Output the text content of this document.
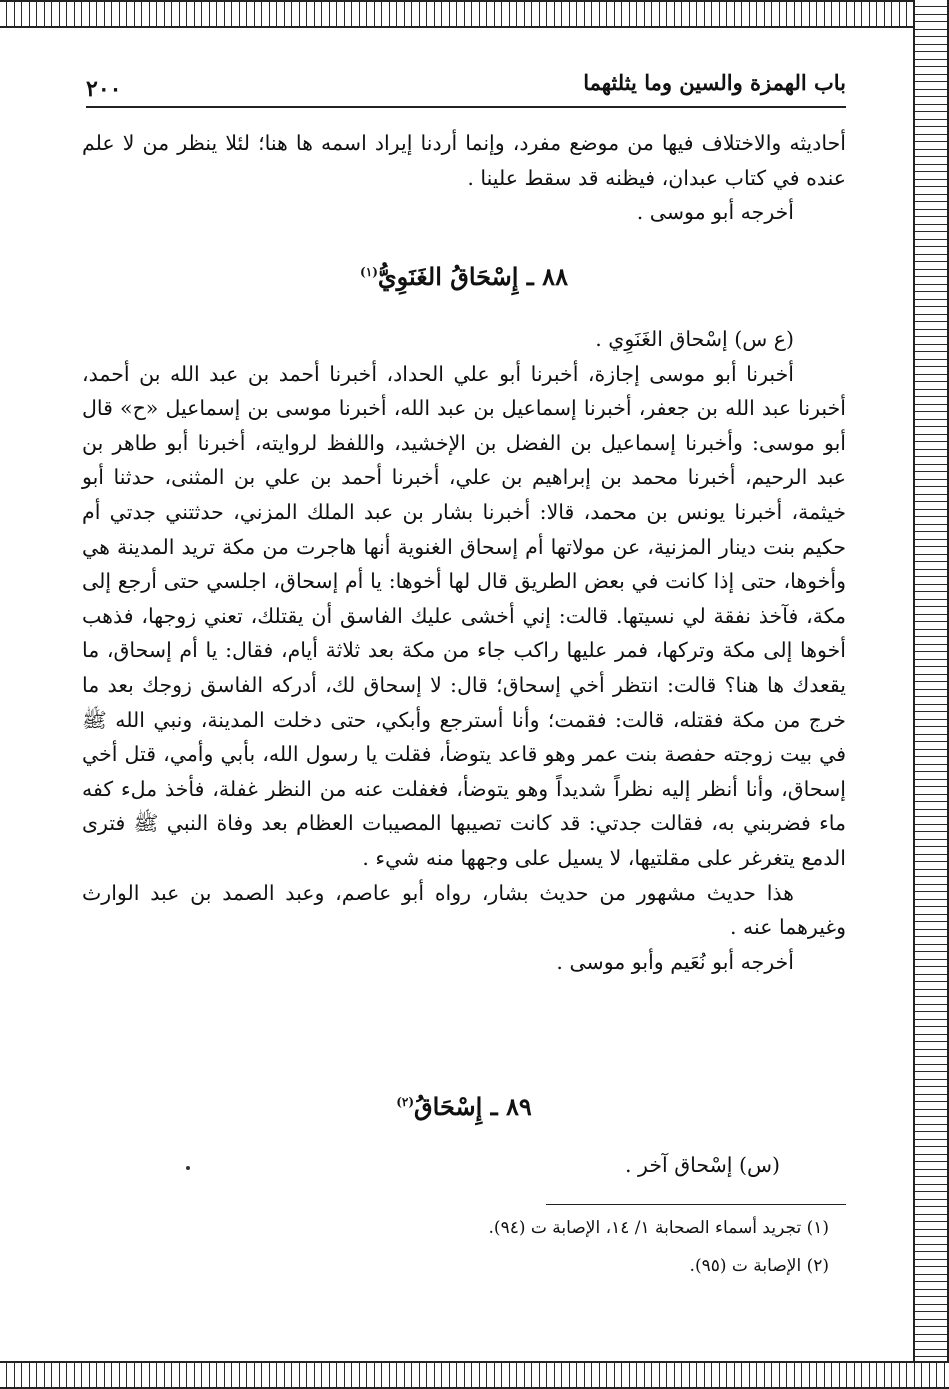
باب الهمزة والسين وما يثلثهما
٢٠٠

أحاديثه والاختلاف فيها من موضع مفرد، وإنما أردنا إيراد اسمه ها هنا؛ لئلا ينظر من لا علم عنده في كتاب عبدان، فيظنه قد سقط علينا .

أخرجه أبو موسى .

٨٨ ـ إِسْحَاقُ الغَنَوِيُّ$^{(١)}$

(ع س) إسْحاق الغَنَوِي .

أخبرنا أبو موسى إجازة، أخبرنا أبو علي الحداد، أخبرنا أحمد بن عبد الله بن أحمد، أخبرنا عبد الله بن جعفر، أخبرنا إسماعيل بن عبد الله، أخبرنا موسى بن إسماعيل «ح» قال أبو موسى: وأخبرنا إسماعيل بن الفضل بن الإخشيد، واللفظ لروايته، أخبرنا أبو طاهر بن عبد الرحيم، أخبرنا محمد بن إبراهيم بن علي، أخبرنا أحمد بن علي بن المثنى، حدثنا أبو خيثمة، أخبرنا يونس بن محمد، قالا: أخبرنا بشار بن عبد الملك المزني، حدثتني جدتي أم حكيم بنت دينار المزنية، عن مولاتها أم إسحاق الغنوية أنها هاجرت من مكة تريد المدينة هي وأخوها، حتى إذا كانت في بعض الطريق قال لها أخوها: يا أم إسحاق، اجلسي حتى أرجع إلى مكة، فآخذ نفقة لي نسيتها. قالت: إني أخشى عليك الفاسق أن يقتلك، تعني زوجها، فذهب أخوها إلى مكة وتركها، فمر عليها راكب جاء من مكة بعد ثلاثة أيام، فقال: يا أم إسحاق، ما يقعدك ها هنا؟ قالت: انتظر أخي إسحاق؛ قال: لا إسحاق لك، أدركه الفاسق زوجك بعد ما خرج من مكة فقتله، قالت: فقمت؛ وأنا أسترجع وأبكي، حتى دخلت المدينة، ونبي الله ﷺ في بيت زوجته حفصة بنت عمر وهو قاعد يتوضأ، فقلت يا رسول الله، بأبي وأمي، قتل أخي إسحاق، وأنا أنظر إليه نظراً شديداً وهو يتوضأ، فغفلت عنه من النظر غفلة، فأخذ ملء كفه ماء فضربني به، فقالت جدتي: قد كانت تصيبها المصيبات العظام بعد وفاة النبي ﷺ فترى الدمع يتغرغر على مقلتيها، لا يسيل على وجهها منه شيء .

هذا حديث مشهور من حديث بشار، رواه أبو عاصم، وعبد الصمد بن عبد الوارث وغيرهما عنه .

أخرجه أبو نُعَيم وأبو موسى .

٨٩ ـ إِسْحَاقُ$^{(٢)}$

(س) إسْحاق آخر .

(١) تجريد أسماء الصحابة ١/ ١٤، الإصابة ت (٩٤).
(٢) الإصابة ت (٩٥).
